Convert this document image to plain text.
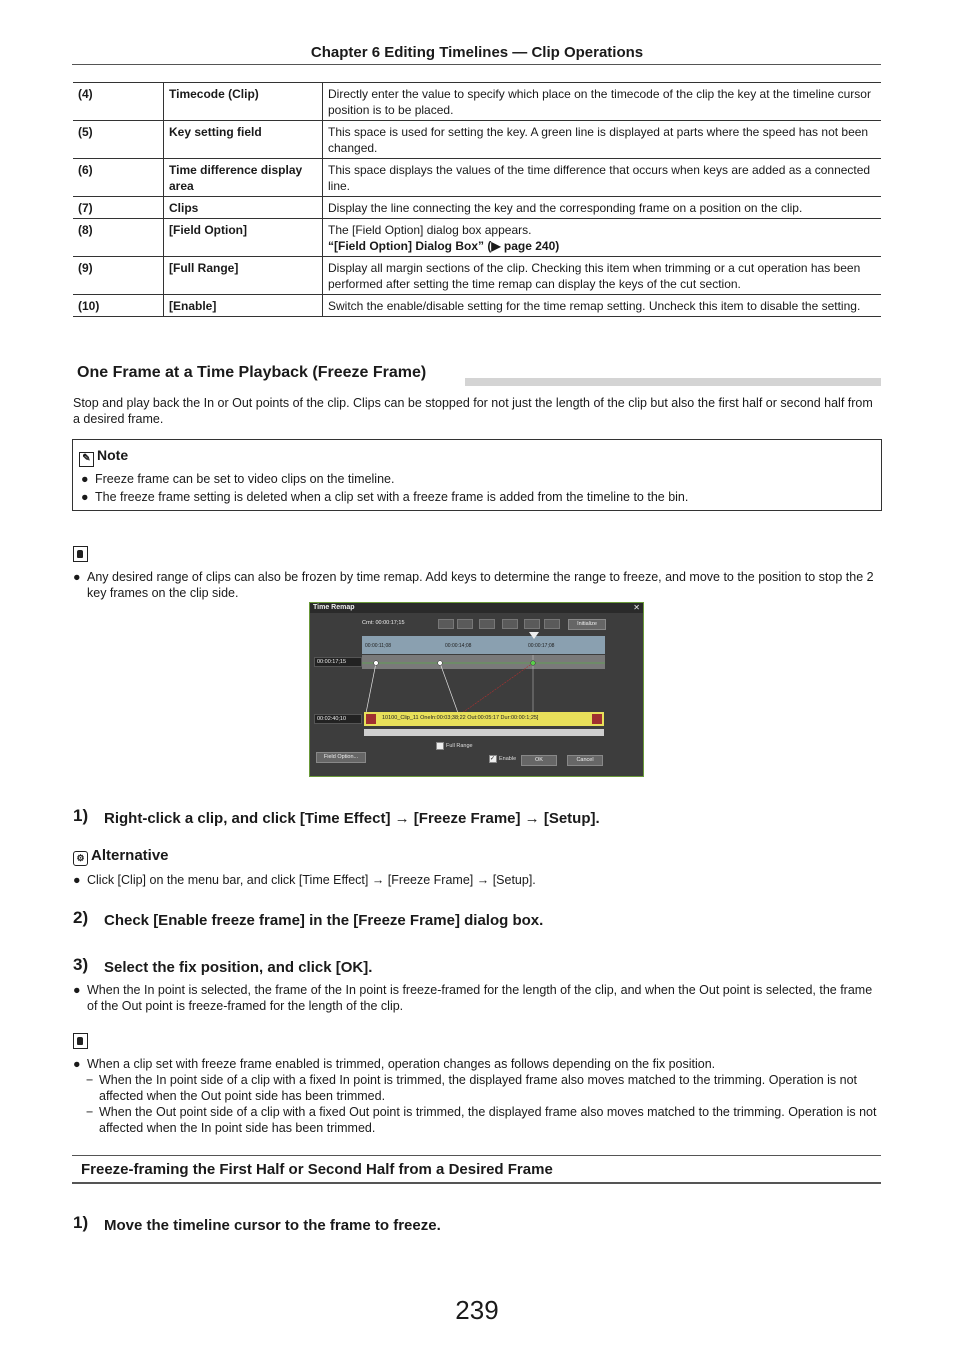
Chapter 6 Editing Timelines — Clip Operations
(4)	Timecode (Clip)	Directly enter the value to specify which place on the timecode of the clip the key at the timeline cursor position is to be placed.
(5)	Key setting field	This space is used for setting the key. A green line is displayed at parts where the speed has not been changed.
(6)	Time difference display area	This space displays the values of the time difference that occurs when keys are added as a connected line.
(7)	Clips	Display the line connecting the key and the corresponding frame on a position on the clip.
(8)	[Field Option]	The [Field Option] dialog box appears.
“[Field Option] Dialog Box” (▶ page 240)

(9)	[Full Range]	Display all margin sections of the clip. Checking this item when trimming or a cut operation has been performed after setting the time remap can display the keys of the cut section.
(10)	[Enable]	Switch the enable/disable setting for the time remap setting. Uncheck this item to disable the setting.
One Frame at a Time Playback (Freeze Frame)
Stop and play back the In or Out points of the clip. Clips can be stopped for not just the length of the clip but also the first half or second half from a desired frame.
✎ Note
● Freeze frame can be set to video clips on the timeline.
● The freeze frame setting is deleted when a clip set with a freeze frame is added from the timeline to the bin.
● Any desired range of clips can also be frozen by time remap. Add keys to determine the range to freeze, and move to the position to stop the 2 key frames on the clip side.
Time Remap	✕
Crnt: 00:00:17;15	Initialize
00:00:11;08	00:00:14;08	00:00:17;08
00:00:17;15
00:02:40;10	10100_Clip_11 OneIn:00:03;38;22 Out:00:05:17 Dur:00:00:1;25]
Full Range
Field Option...	✓ Enable	OK	Cancel
1) Right-click a clip, and click [Time Effect] → [Freeze Frame] → [Setup].
⚙ Alternative
● Click [Clip] on the menu bar, and click [Time Effect] → [Freeze Frame] → [Setup].
2) Check [Enable freeze frame] in the [Freeze Frame] dialog box.
3) Select the fix position, and click [OK].
● When the In point is selected, the frame of the In point is freeze-framed for the length of the clip, and when the Out point is selected, the frame of the Out point is freeze-framed for the length of the clip.
● When a clip set with freeze frame enabled is trimmed, operation changes as follows depending on the fix position.
− When the In point side of a clip with a fixed In point is trimmed, the displayed frame also moves matched to the trimming. Operation is not affected when the Out point side has been trimmed.
− When the Out point side of a clip with a fixed Out point is trimmed, the displayed frame also moves matched to the trimming. Operation is not affected when the In point side has been trimmed.
Freeze-framing the First Half or Second Half from a Desired Frame
1) Move the timeline cursor to the frame to freeze.
239
